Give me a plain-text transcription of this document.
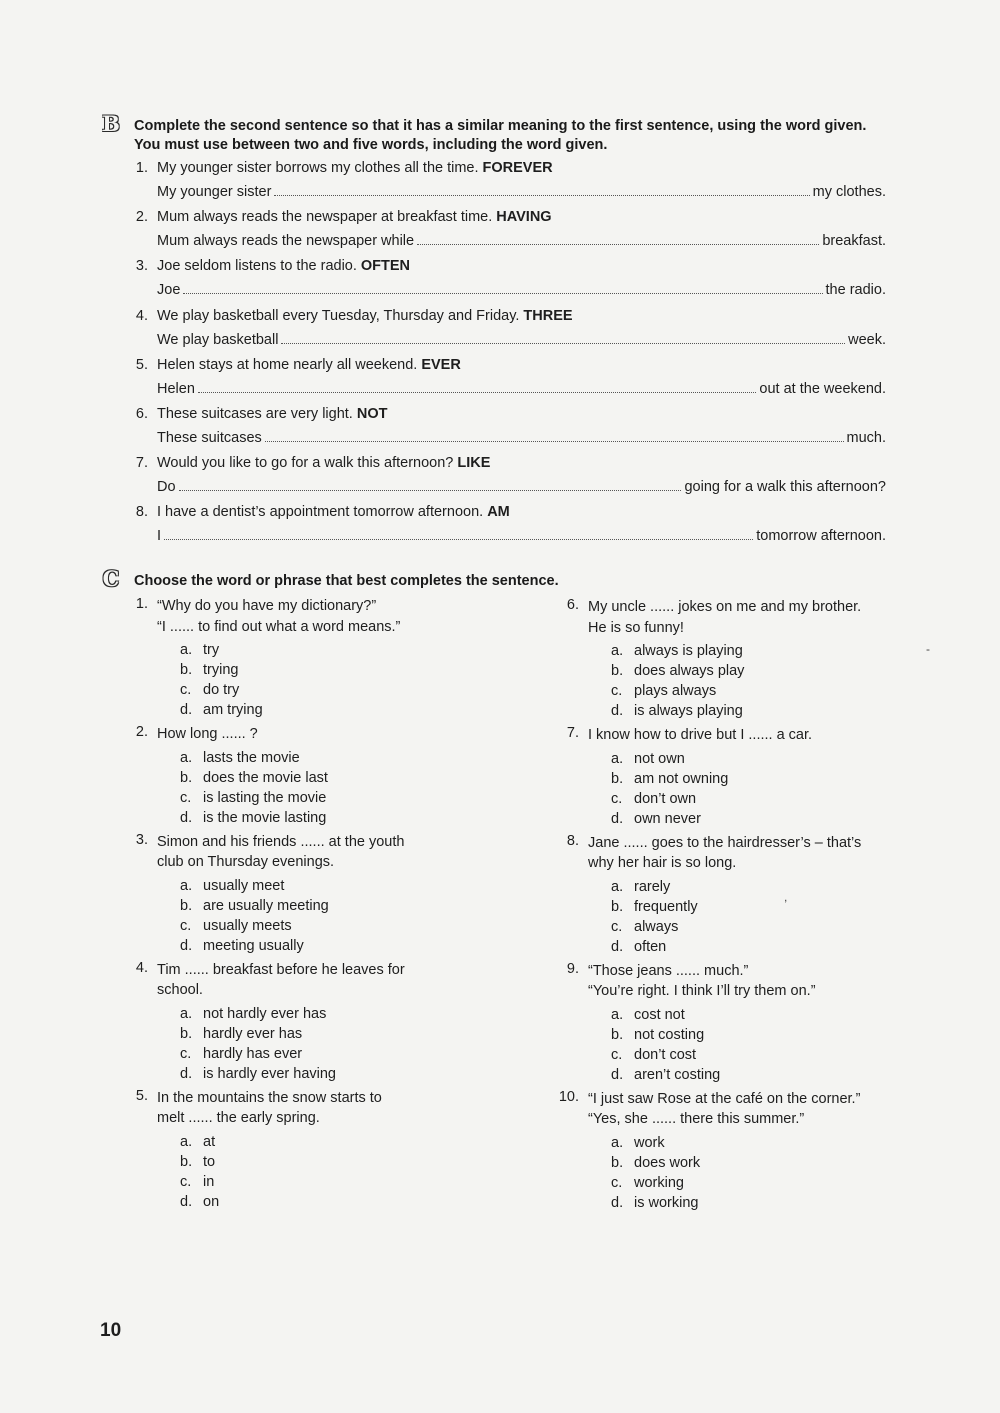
B Complete the second sentence so that it has a similar meaning to the first sentence, using the word given.
You must use between two and five words, including the word given.
1. My younger sister borrows my clothes all the time. FOREVER
My younger sister	my clothes.
2. Mum always reads the newspaper at breakfast time. HAVING
Mum always reads the newspaper while	breakfast.
3. Joe seldom listens to the radio. OFTEN
Joe	the radio.
4. We play basketball every Tuesday, Thursday and Friday. THREE
We play basketball	week.
5. Helen stays at home nearly all weekend. EVER
Helen	out at the weekend.
6. These suitcases are very light. NOT
These suitcases	much.
7. Would you like to go for a walk this afternoon? LIKE
Do	going for a walk this afternoon?
8. I have a dentist’s appointment tomorrow afternoon. AM
I	tomorrow afternoon.
C Choose the word or phrase that best completes the sentence.
1. “Why do you have my dictionary?”
“I ...... to find out what a word means.”
a. try
b. trying
c. do try
d. am trying
2. How long ...... ?
a. lasts the movie
b. does the movie last
c. is lasting the movie
d. is the movie lasting
3. Simon and his friends ...... at the youth
club on Thursday evenings.
a. usually meet
b. are usually meeting
c. usually meets
d. meeting usually
4. Tim ...... breakfast before he leaves for
school.
a. not hardly ever has
b. hardly ever has
c. hardly has ever
d. is hardly ever having
5. In the mountains the snow starts to
melt ...... the early spring.
a. at
b. to
c. in
d. on
6. My uncle ...... jokes on me and my brother.
He is so funny!
a. always is playing
b. does always play
c. plays always
d. is always playing
7. I know how to drive but I ...... a car.
a. not own
b. am not owning
c. don’t own
d. own never
8. Jane ...... goes to the hairdresser’s – that’s
why her hair is so long.
a. rarely
b. frequently
c. always
d. often
9. “Those jeans ...... much.”
“You’re right. I think I’ll try them on.”
a. cost not
b. not costing
c. don’t cost
d. aren’t costing
10. “I just saw Rose at the café on the corner.”
“Yes, she ...... there this summer.”
a. work
b. does work
c. working
d. is working
-
,
10
